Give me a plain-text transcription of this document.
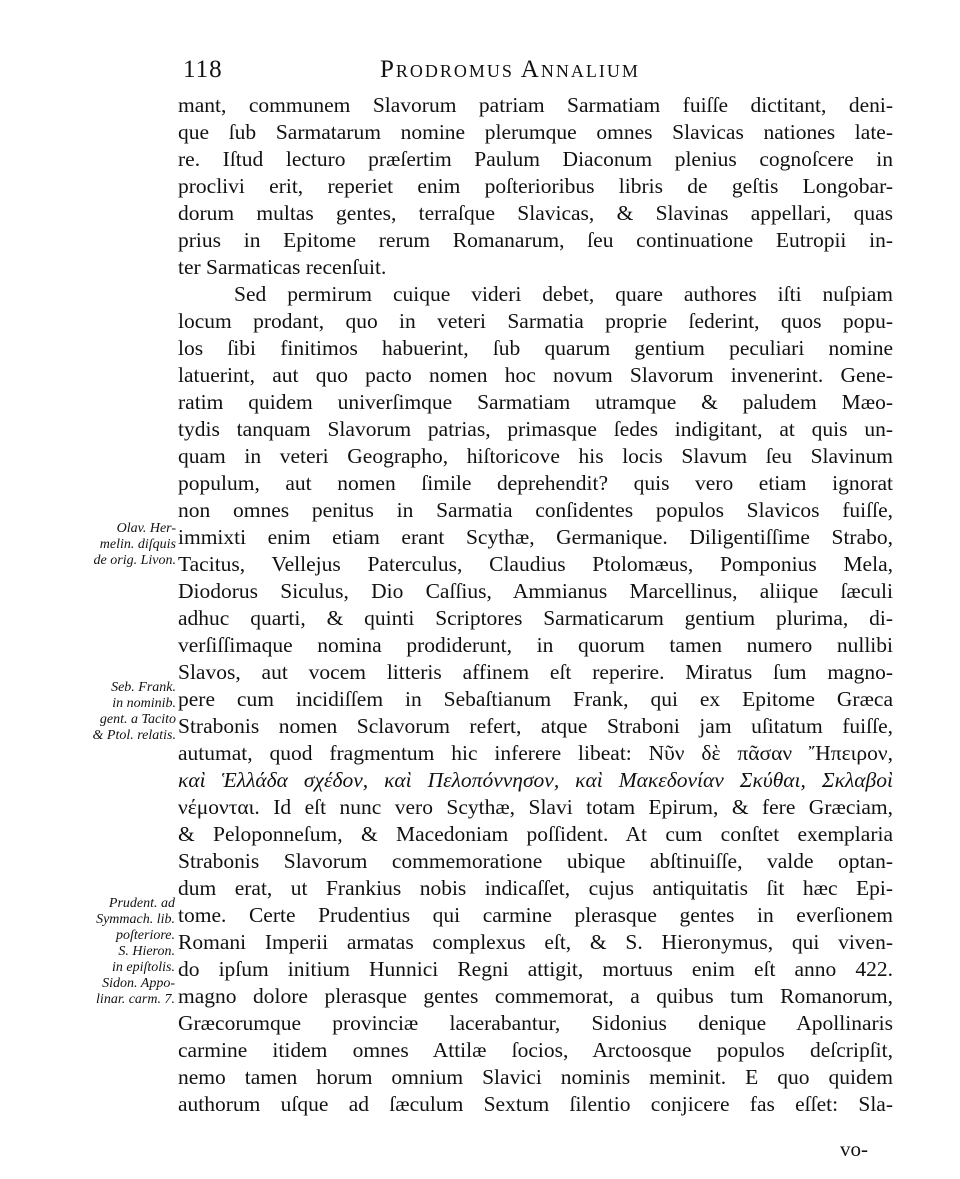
118	Prodromus Annalium
Olav. Her-
melin. diſquis
de orig. Livon.
Seb. Frank.
in nominib.
gent. a Tacito
& Ptol. relatis.
Prudent. ad
Symmach. lib.
poſteriore.
S. Hieron.
in epiſtolis.
Sidon. Appo-
linar. carm. 7.
mant, communem Slavorum patriam Sarmatiam fuiſſe dictitant, deni-
que ſub Sarmatarum nomine plerumque omnes Slavicas nationes late-
re. Iſtud lecturo præſertim Paulum Diaconum plenius cognoſcere in
proclivi erit, reperiet enim poſterioribus libris de geſtis Longobar-
dorum multas gentes, terraſque Slavicas, & Slavinas appellari, quas
prius in Epitome rerum Romanarum, ſeu continuatione Eutropii in-
ter Sarmaticas recenſuit.
Sed permirum cuique videri debet, quare authores iſti nuſpiam
locum prodant, quo in veteri Sarmatia proprie ſederint, quos popu-
los ſibi finitimos habuerint, ſub quarum gentium peculiari nomine
latuerint, aut quo pacto nomen hoc novum Slavorum invenerint. Gene-
ratim quidem univerſimque Sarmatiam utramque & paludem Mæo-
tydis tanquam Slavorum patrias, primasque ſedes indigitant, at quis un-
quam in veteri Geographo, hiſtoricove his locis Slavum ſeu Slavinum
populum, aut nomen ſimile deprehendit? quis vero etiam ignorat
non omnes penitus in Sarmatia conſidentes populos Slavicos fuiſſe,
immixti enim etiam erant Scythæ, Germanique. Diligentiſſime Strabo,
Tacitus, Vellejus Paterculus, Claudius Ptolomæus, Pomponius Mela,
Diodorus Siculus, Dio Caſſius, Ammianus Marcellinus, aliique ſæculi
adhuc quarti, & quinti Scriptores Sarmaticarum gentium plurima, di-
verſiſſimaque nomina prodiderunt, in quorum tamen numero nullibi
Slavos, aut vocem litteris affinem eſt reperire. Miratus ſum magno-
pere cum incidiſſem in Sebaſtianum Frank, qui ex Epitome Græca
Strabonis nomen Sclavorum refert, atque Straboni jam uſitatum fuiſſe,
autumat, quod fragmentum hic inferere libeat: Νῦν δὲ πᾶσαν Ἤπειρον,
καὶ Ἑλλάδα σχέδον, καὶ Πελοπόννησον, καὶ Μακεδονίαν Σκύθαι, Σκλαβοὶ
νέμονται. Id eſt nunc vero Scythæ, Slavi totam Epirum, & fere Græciam,
& Peloponneſum, & Macedoniam poſſident. At cum conſtet exemplaria
Strabonis Slavorum commemoratione ubique abſtinuiſſe, valde optan-
dum erat, ut Frankius nobis indicaſſet, cujus antiquitatis ſit hæc Epi-
tome. Certe Prudentius qui carmine plerasque gentes in everſionem
Romani Imperii armatas complexus eſt, & S. Hieronymus, qui viven-
do ipſum initium Hunnici Regni attigit, mortuus enim eſt anno 422.
magno dolore plerasque gentes commemorat, a quibus tum Romanorum,
Græcorumque provinciæ lacerabantur, Sidonius denique Apollinaris
carmine itidem omnes Attilæ ſocios, Arctoosque populos deſcripſit,
nemo tamen horum omnium Slavici nominis meminit. E quo quidem
authorum uſque ad ſæculum Sextum ſilentio conjicere fas eſſet: Sla-
vo-
